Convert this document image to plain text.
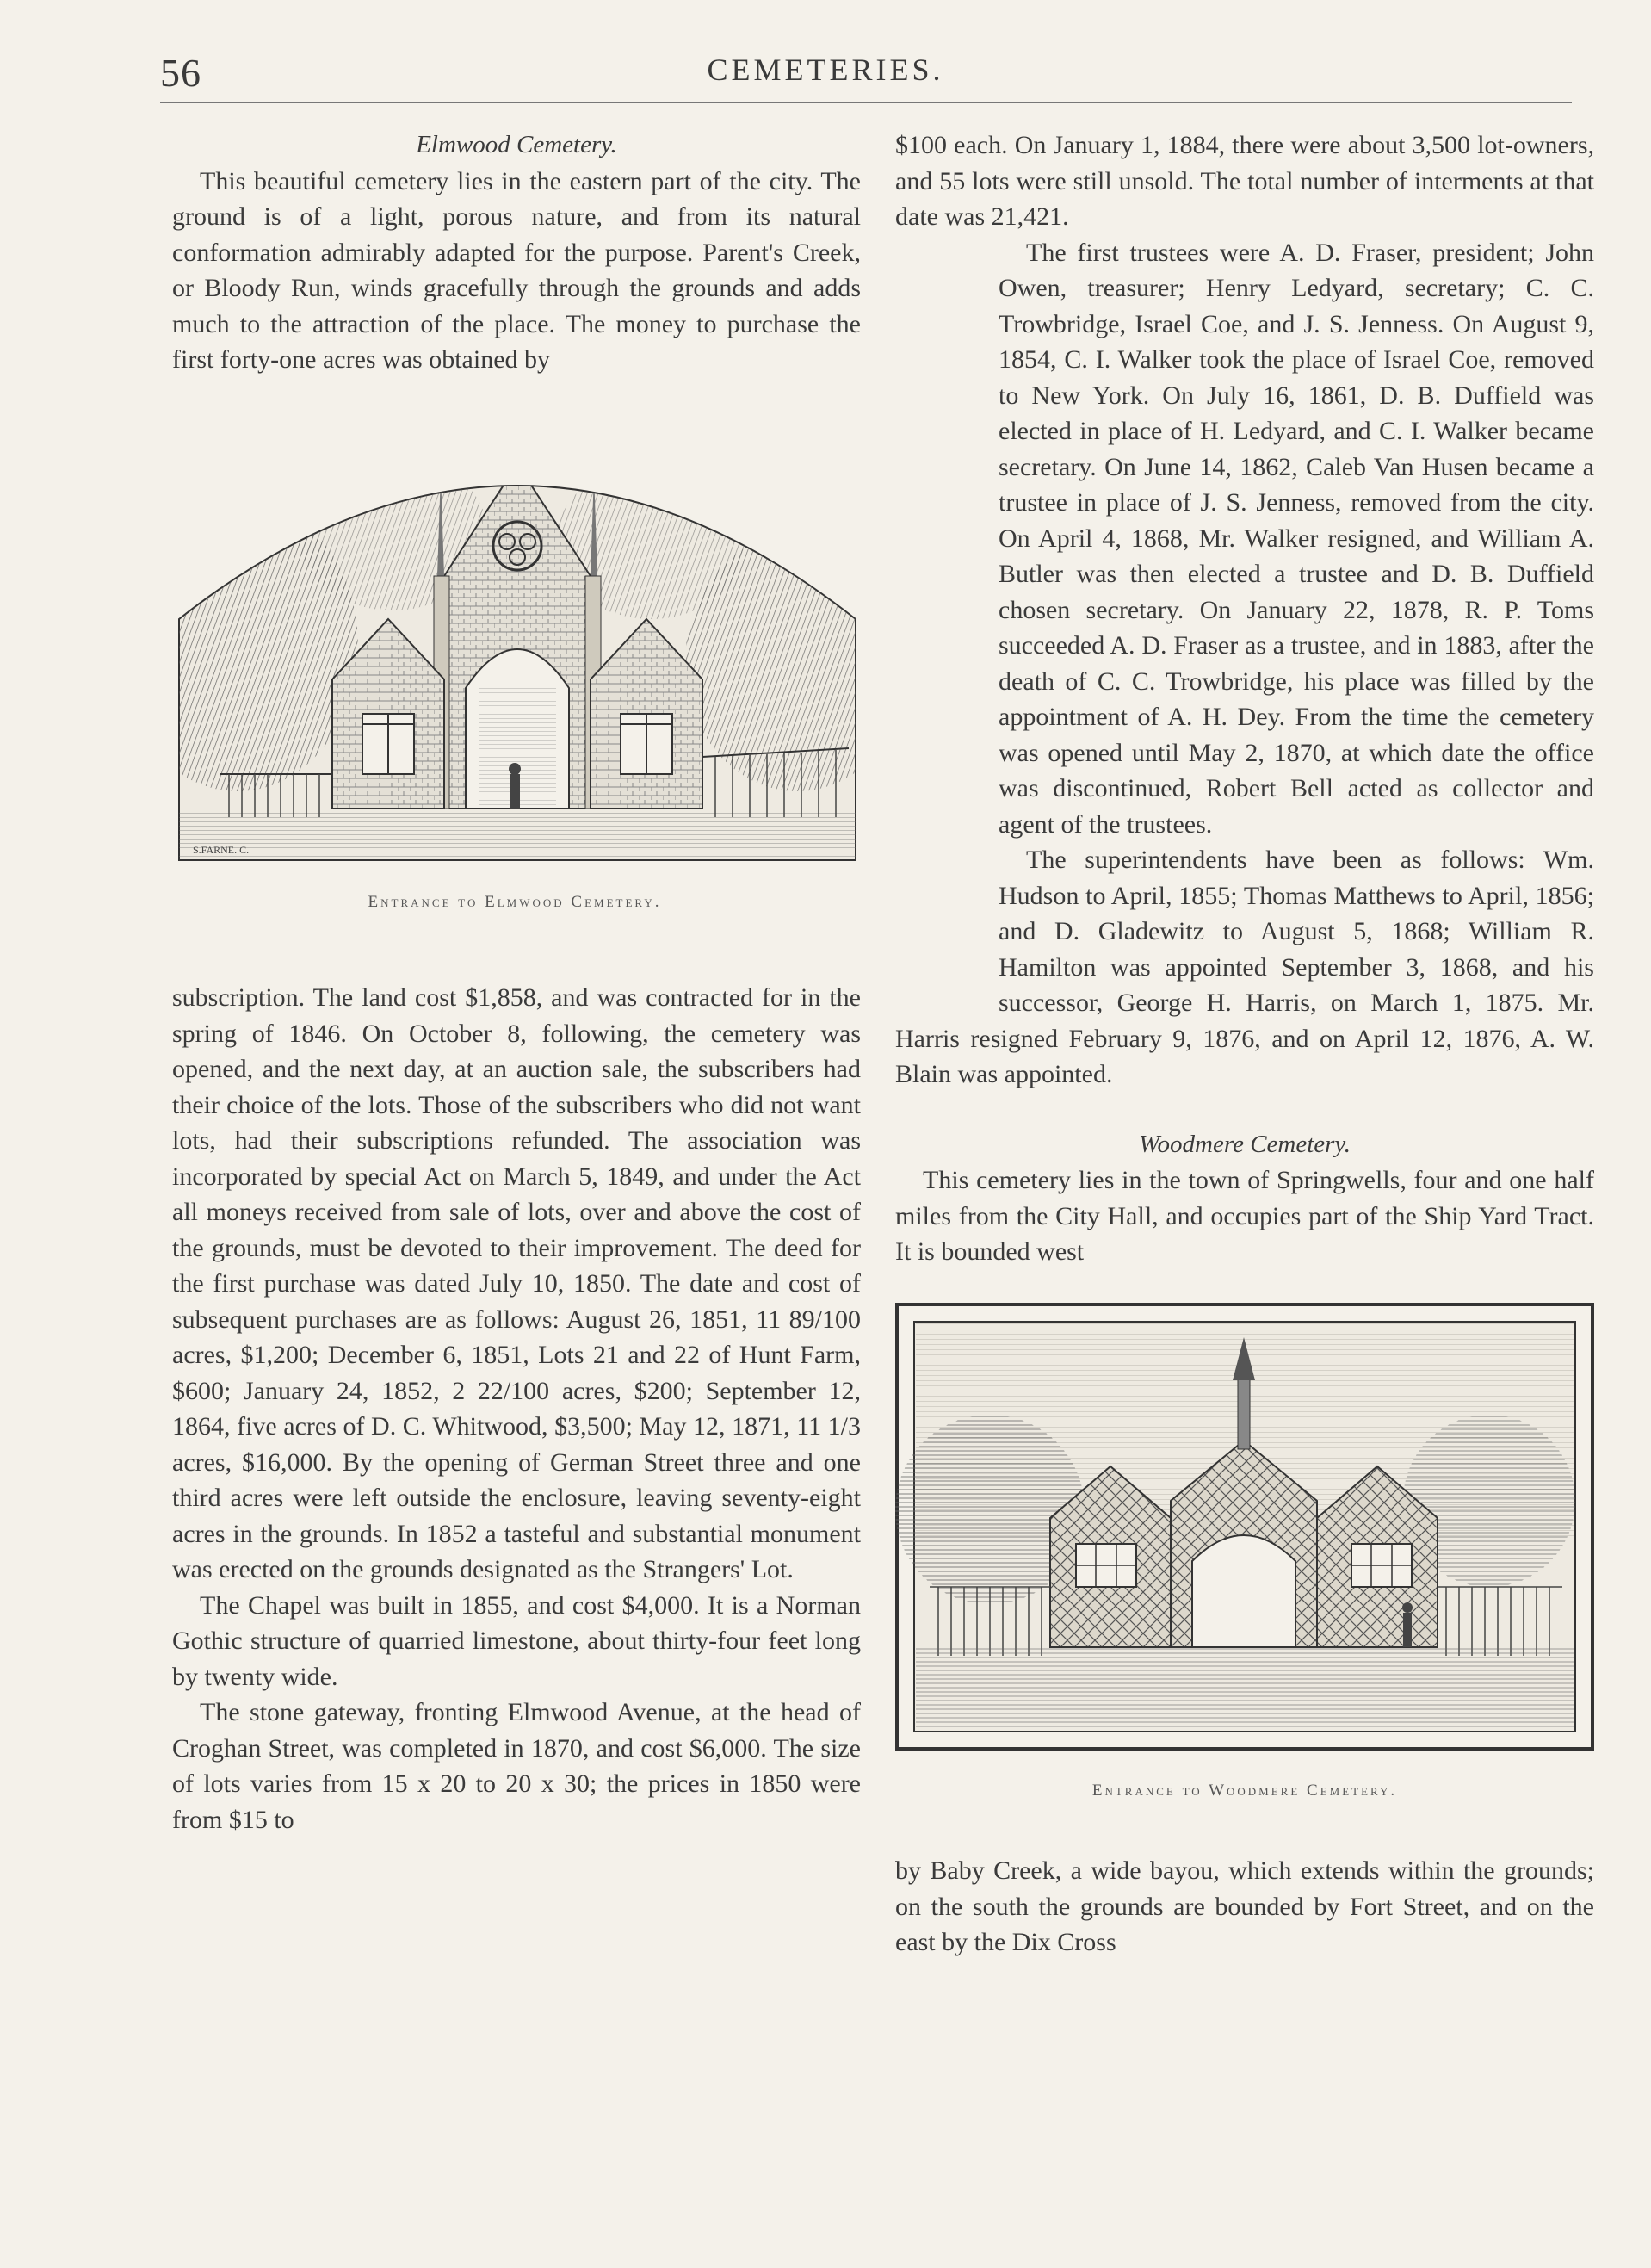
56	CEMETERIES.

Elmwood Cemetery.

This beautiful cemetery lies in the eastern part of the city. The ground is of a light, porous nature, and from its natural conformation admirably adapted for the purpose. Parent's Creek, or Bloody Run, winds gracefully through the grounds and adds much to the attraction of the place. The money to purchase the first forty-one acres was obtained by

S.FARNE. C.
Entrance to Elmwood Cemetery.

subscription. The land cost $1,858, and was contracted for in the spring of 1846. On October 8, following, the cemetery was opened, and the next day, at an auction sale, the subscribers had their choice of the lots. Those of the subscribers who did not want lots, had their subscriptions refunded. The association was incorporated by special Act on March 5, 1849, and under the Act all moneys received from sale of lots, over and above the cost of the grounds, must be devoted to their improvement. The deed for the first purchase was dated July 10, 1850. The date and cost of subsequent purchases are as follows: August 26, 1851, 11 89/100 acres, $1,200; December 6, 1851, Lots 21 and 22 of Hunt Farm, $600; January 24, 1852, 2 22/100 acres, $200; September 12, 1864, five acres of D. C. Whitwood, $3,500; May 12, 1871, 11 1/3 acres, $16,000. By the opening of German Street three and one third acres were left outside the enclosure, leaving seventy-eight acres in the grounds. In 1852 a tasteful and substantial monument was erected on the grounds designated as the Strangers' Lot.

The Chapel was built in 1855, and cost $4,000. It is a Norman Gothic structure of quarried limestone, about thirty-four feet long by twenty wide.

The stone gateway, fronting Elmwood Avenue, at the head of Croghan Street, was completed in 1870, and cost $6,000. The size of lots varies from 15 x 20 to 20 x 30; the prices in 1850 were from $15 to

$100 each. On January 1, 1884, there were about 3,500 lot-owners, and 55 lots were still unsold. The total number of interments at that date was 21,421.

The first trustees were A. D. Fraser, president; John Owen, treasurer; Henry Ledyard, secretary; C. C. Trowbridge, Israel Coe, and J. S. Jenness. On August 9, 1854, C. I. Walker took the place of Israel Coe, removed to New York. On July 16, 1861, D. B. Duffield was elected in place of H. Ledyard, and C. I. Walker became secretary. On June 14, 1862, Caleb Van Husen became a trustee in place of J. S. Jenness, removed from the city. On April 4, 1868, Mr. Walker resigned, and William A. Butler was then elected a trustee and D. B. Duffield chosen secretary. On January 22, 1878, R. P. Toms succeeded A. D. Fraser as a trustee, and in 1883, after the death of C. C. Trowbridge, his place was filled by the appointment of A. H. Dey. From the time the cemetery was opened until May 2, 1870, at which date the office was discontinued, Robert Bell acted as collector and agent of the trustees.

The superintendents have been as follows: Wm. Hudson to April, 1855; Thomas Matthews to April, 1856; and D. Gladewitz to August 5, 1868; William R. Hamilton was appointed September 3, 1868, and his successor, George H. Harris, on March 1, 1875. Mr. Harris resigned February 9, 1876, and on April 12, 1876, A. W. Blain was appointed.

Woodmere Cemetery.

This cemetery lies in the town of Springwells, four and one half miles from the City Hall, and occupies part of the Ship Yard Tract. It is bounded west

Entrance to Woodmere Cemetery.

by Baby Creek, a wide bayou, which extends within the grounds; on the south the grounds are bounded by Fort Street, and on the east by the Dix Cross
